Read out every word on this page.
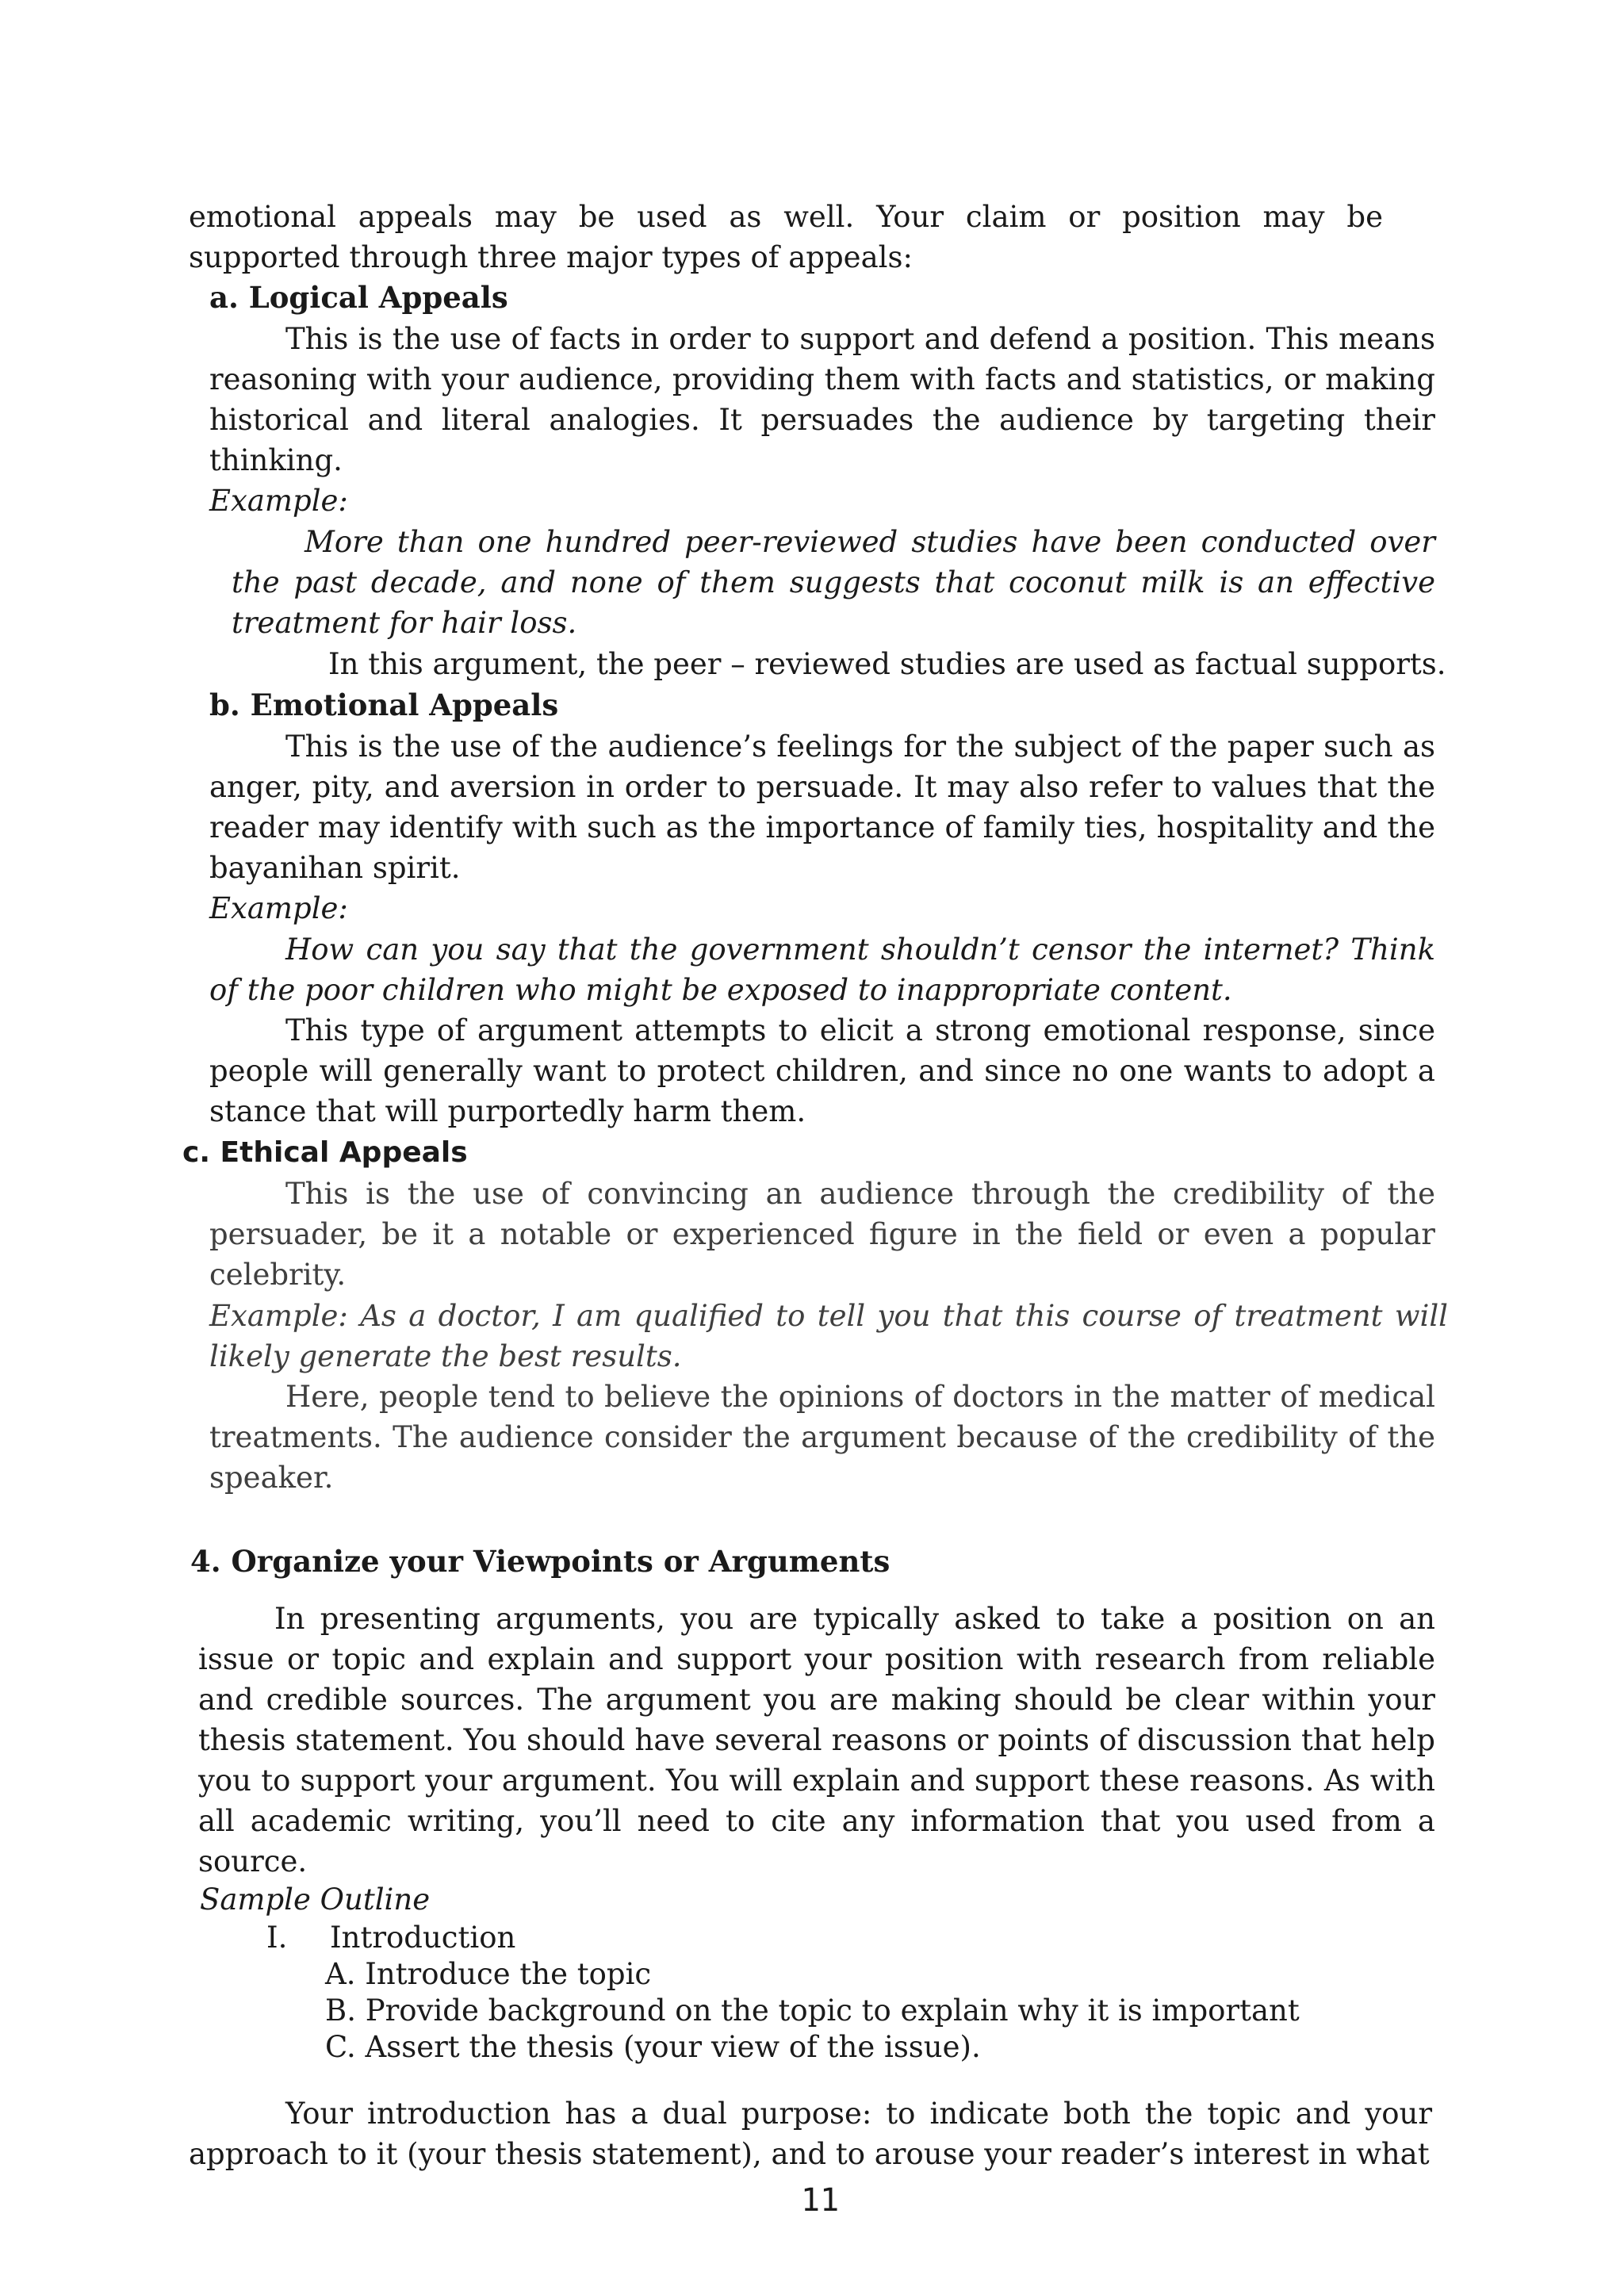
emotional appeals may be used as well. Your claim or position may be supported through three major types of appeals:

a. Logical Appeals

This is the use of facts in order to support and defend a position. This means reasoning with your audience, providing them with facts and statistics, or making historical and literal analogies. It persuades the audience by targeting their thinking.

Example:

More than one hundred peer-reviewed studies have been conducted over the past decade, and none of them suggests that coconut milk is an effective treatment for hair loss.

In this argument, the peer – reviewed studies are used as factual supports.

b. Emotional Appeals

This is the use of the audience’s feelings for the subject of the paper such as anger, pity, and aversion in order to persuade. It may also refer to values that the reader may identify with such as the importance of family ties, hospitality and the bayanihan spirit.

Example:

How can you say that the government shouldn’t censor the internet? Think of the poor children who might be exposed to inappropriate content.

This type of argument attempts to elicit a strong emotional response, since people will generally want to protect children, and since no one wants to adopt a stance that will purportedly harm them.

c. Ethical Appeals

This is the use of convincing an audience through the credibility of the persuader, be it a notable or experienced figure in the field or even a popular celebrity.

Example: As a doctor, I am qualified to tell you that this course of treatment will likely generate the best results.

Here, people tend to believe the opinions of doctors in the matter of medical treatments. The audience consider the argument because of the credibility of the speaker.

4. Organize your Viewpoints or Arguments

In presenting arguments, you are typically asked to take a position on an issue or topic and explain and support your position with research from reliable and credible sources. The argument you are making should be clear within your thesis statement. You should have several reasons or points of discussion that help you to support your argument. You will explain and support these reasons. As with all academic writing, you’ll need to cite any information that you used from a source.

Sample Outline

I. Introduction

A. Introduce the topic

B. Provide background on the topic to explain why it is important

C. Assert the thesis (your view of the issue).

Your introduction has a dual purpose: to indicate both the topic and your approach to it (your thesis statement), and to arouse your reader’s interest in what

11
